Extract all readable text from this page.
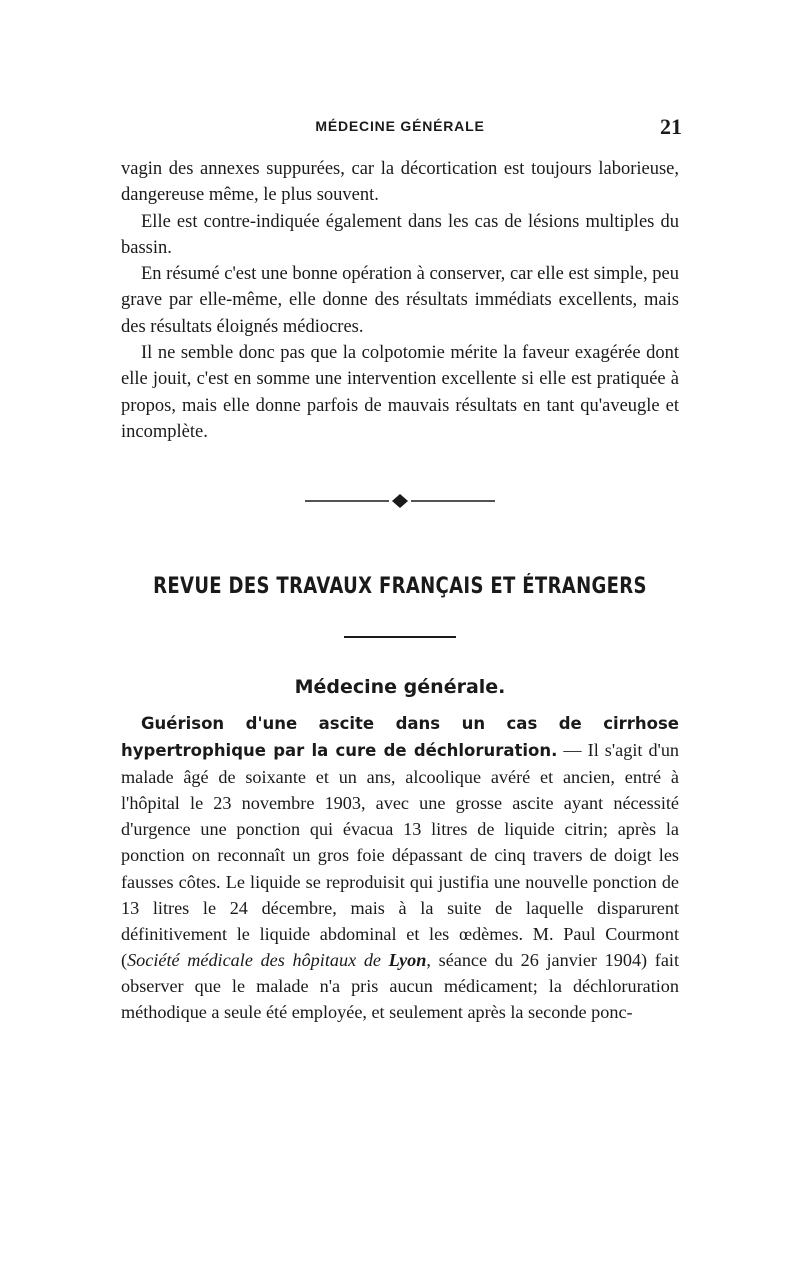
MÉDECINE GÉNÉRALE	21

vagin des annexes suppurées, car la décortication est toujours laborieuse, dangereuse même, le plus souvent.

Elle est contre-indiquée également dans les cas de lésions multiples du bassin.

En résumé c'est une bonne opération à conserver, car elle est simple, peu grave par elle-même, elle donne des résultats immédiats excellents, mais des résultats éloignés médiocres.

Il ne semble donc pas que la colpotomie mérite la faveur exagérée dont elle jouit, c'est en somme une intervention excellente si elle est pratiquée à propos, mais elle donne parfois de mauvais résultats en tant qu'aveugle et incomplète.

REVUE DES TRAVAUX FRANÇAIS ET ÉTRANGERS
Médecine générale.

Guérison d'une ascite dans un cas de cirrhose hypertrophique par la cure de déchloruration. — Il s'agit d'un malade âgé de soixante et un ans, alcoolique avéré et ancien, entré à l'hôpital le 23 novembre 1903, avec une grosse ascite ayant nécessité d'urgence une ponction qui évacua 13 litres de liquide citrin; après la ponction on reconnaît un gros foie dépassant de cinq travers de doigt les fausses côtes. Le liquide se reproduisit qui justifia une nouvelle ponction de 13 litres le 24 décembre, mais à la suite de laquelle disparurent définitivement le liquide abdominal et les œdèmes. M. Paul Courmont (Société médicale des hôpitaux de Lyon, séance du 26 janvier 1904) fait observer que le malade n'a pris aucun médicament; la déchloruration méthodique a seule été employée, et seulement après la seconde ponc-
